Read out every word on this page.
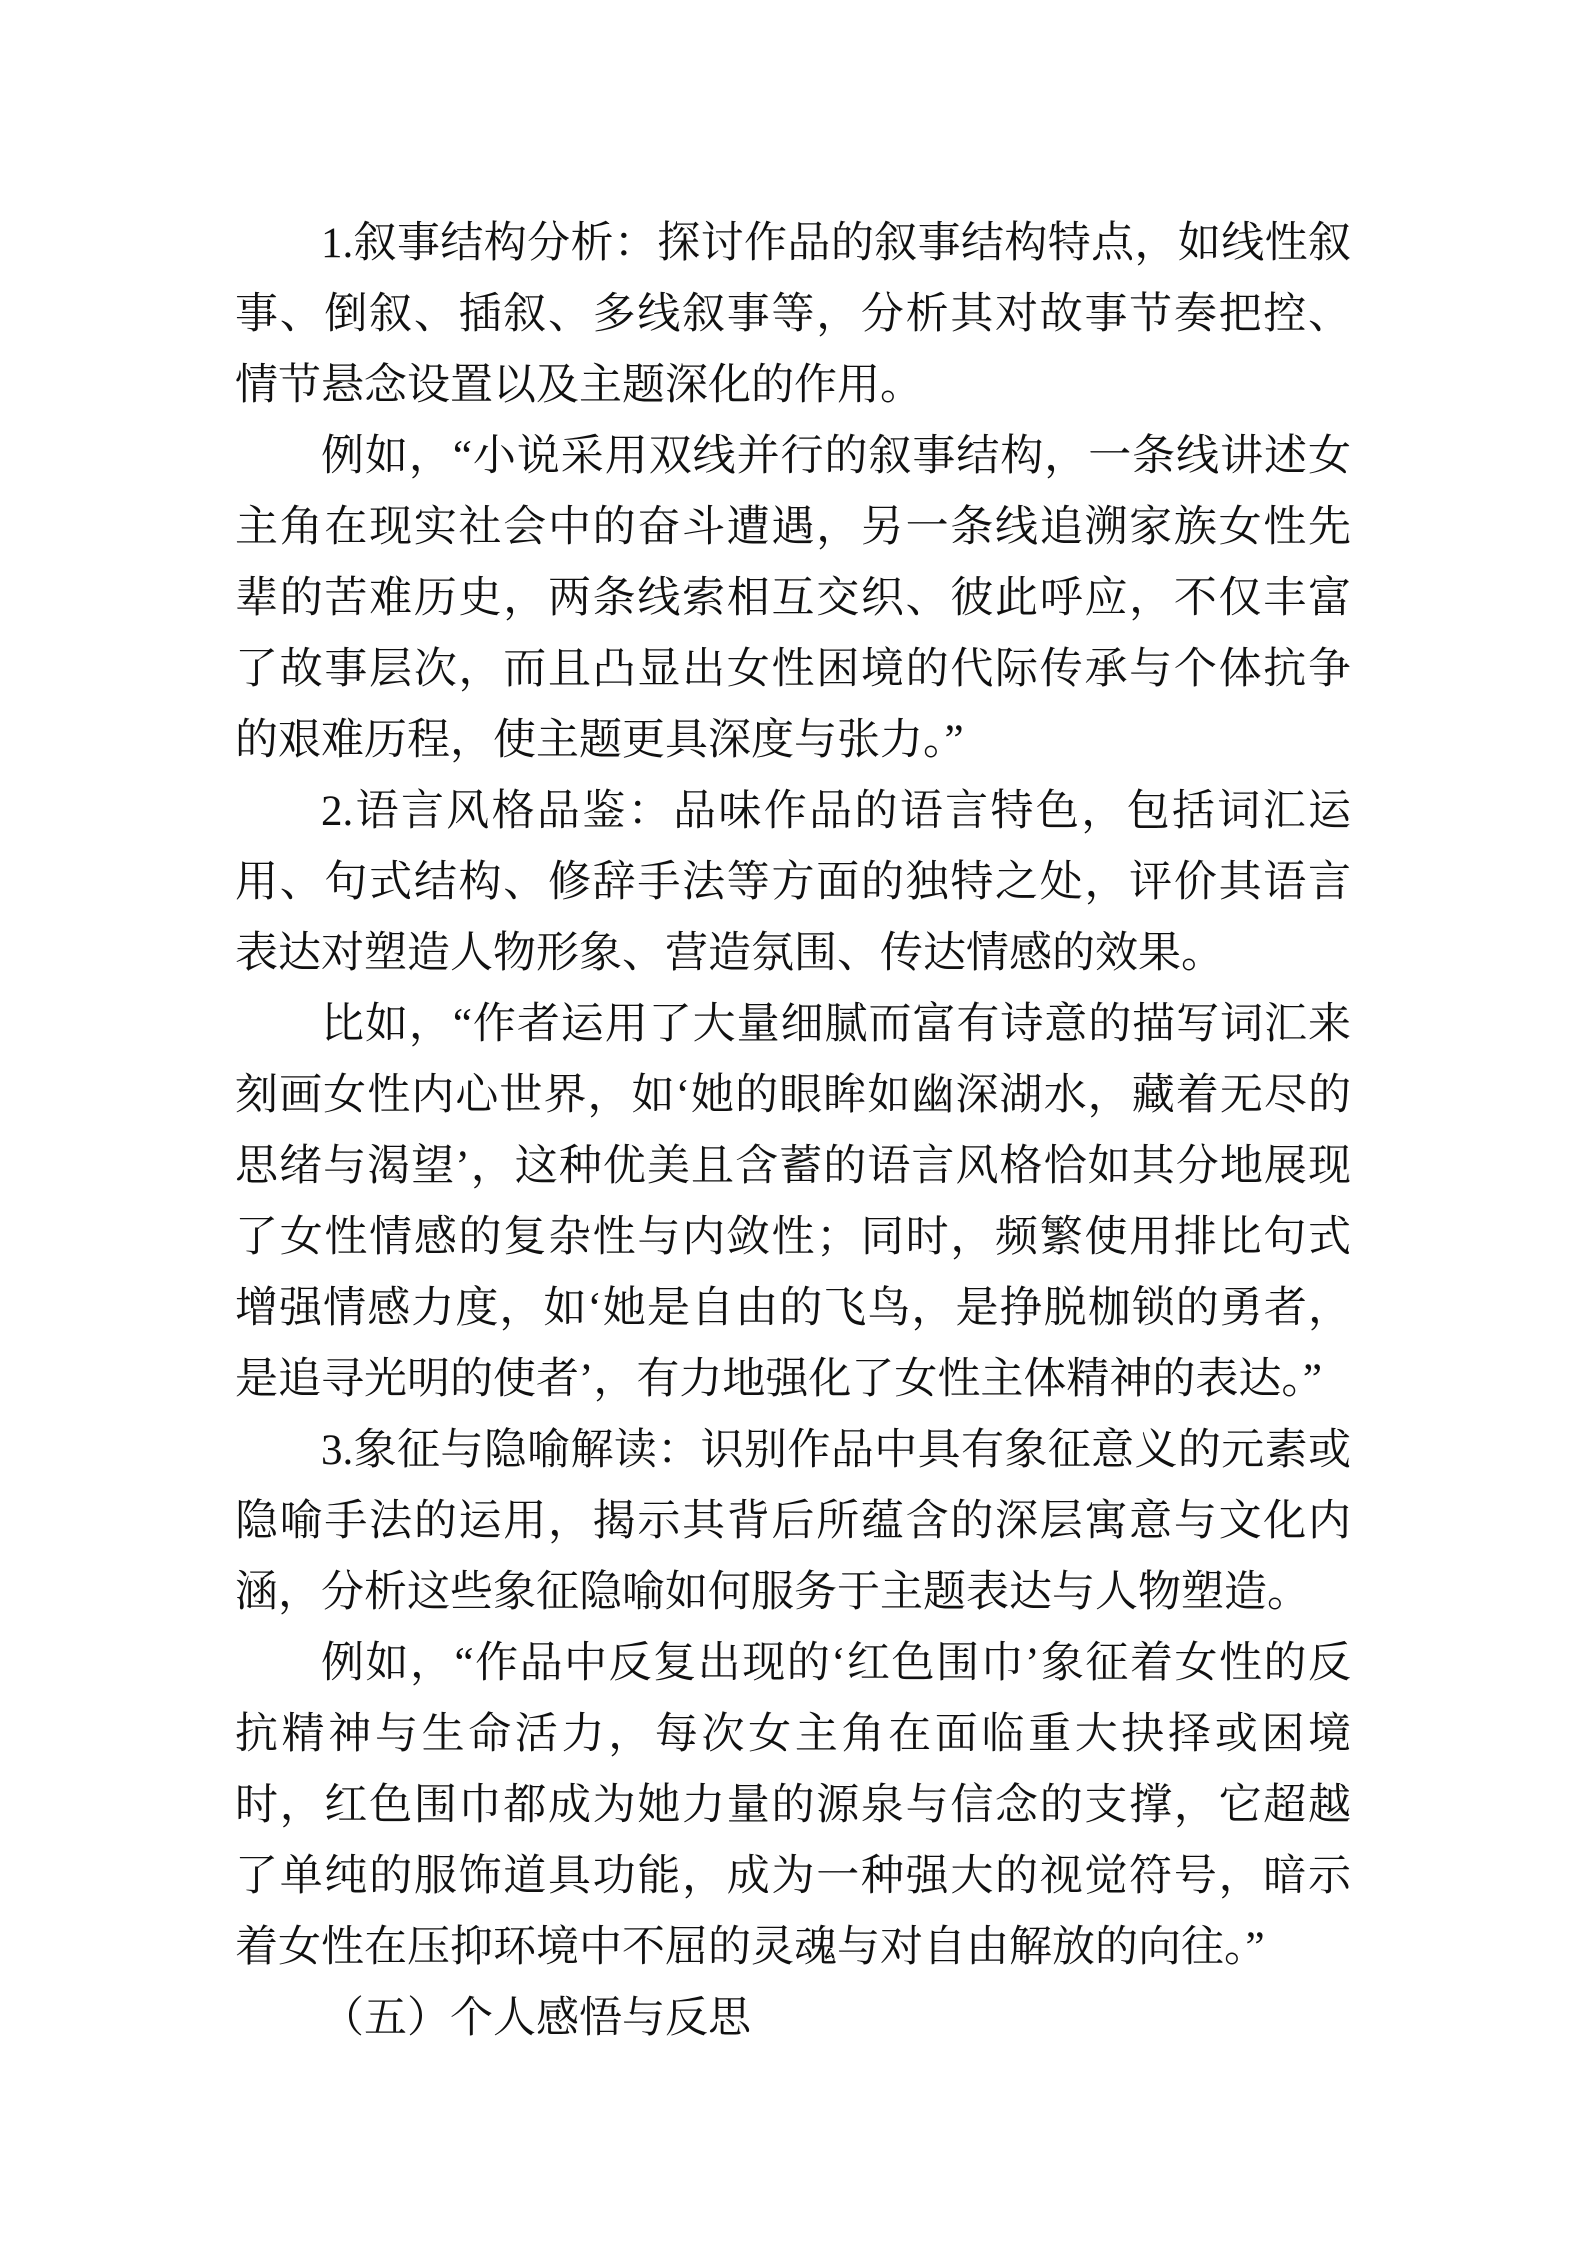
1.叙事结构分析：探讨作品的叙事结构特点，如线性叙事、倒叙、插叙、多线叙事等，分析其对故事节奏把控、情节悬念设置以及主题深化的作用。
例如，“小说采用双线并行的叙事结构，一条线讲述女主角在现实社会中的奋斗遭遇，另一条线追溯家族女性先辈的苦难历史，两条线索相互交织、彼此呼应，不仅丰富了故事层次，而且凸显出女性困境的代际传承与个体抗争的艰难历程，使主题更具深度与张力。”
2.语言风格品鉴：品味作品的语言特色，包括词汇运用、句式结构、修辞手法等方面的独特之处，评价其语言表达对塑造人物形象、营造氛围、传达情感的效果。
比如，“作者运用了大量细腻而富有诗意的描写词汇来刻画女性内心世界，如‘她的眼眸如幽深湖水，藏着无尽的思绪与渴望’，这种优美且含蓄的语言风格恰如其分地展现了女性情感的复杂性与内敛性；同时，频繁使用排比句式增强情感力度，如‘她是自由的飞鸟，是挣脱枷锁的勇者，是追寻光明的使者’，有力地强化了女性主体精神的表达。”
3.象征与隐喻解读：识别作品中具有象征意义的元素或隐喻手法的运用，揭示其背后所蕴含的深层寓意与文化内涵，分析这些象征隐喻如何服务于主题表达与人物塑造。
例如，“作品中反复出现的‘红色围巾’象征着女性的反抗精神与生命活力，每次女主角在面临重大抉择或困境时，红色围巾都成为她力量的源泉与信念的支撑，它超越了单纯的服饰道具功能，成为一种强大的视觉符号，暗示着女性在压抑环境中不屈的灵魂与对自由解放的向往。”
（五）个人感悟与反思
